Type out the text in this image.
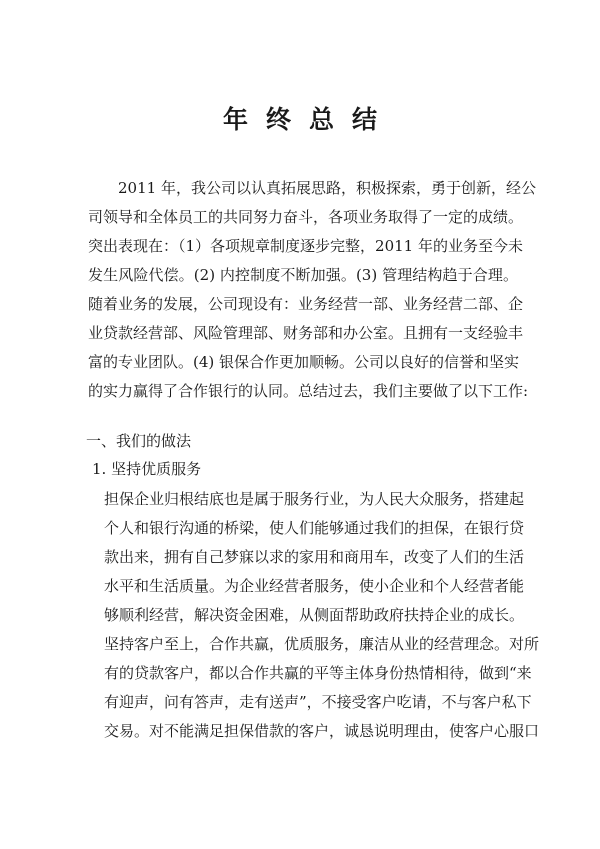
年终总结
2011 年，我公司以认真拓展思路，积极探索，勇于创新，经公
司领导和全体员工的共同努力奋斗，各项业务取得了一定的成绩。
突出表现在：（1）各项规章制度逐步完整，2011 年的业务至今未
发生风险代偿。(2) 内控制度不断加强。(3) 管理结构趋于合理。
随着业务的发展，公司现设有：业务经营一部、业务经营二部、企
业贷款经营部、风险管理部、财务部和办公室。且拥有一支经验丰
富的专业团队。(4) 银保合作更加顺畅。公司以良好的信誉和坚实
的实力赢得了合作银行的认同。总结过去，我们主要做了以下工作:
一、我们的做法
1. 坚持优质服务
担保企业归根结底也是属于服务行业，为人民大众服务，搭建起
个人和银行沟通的桥梁，使人们能够通过我们的担保，在银行贷
款出来，拥有自己梦寐以求的家用和商用车，改变了人们的生活
水平和生活质量。为企业经营者服务，使小企业和个人经营者能
够顺利经营，解决资金困难，从侧面帮助政府扶持企业的成长。
坚持客户至上，合作共赢，优质服务，廉洁从业的经营理念。对所
有的贷款客户，都以合作共赢的平等主体身份热情相待，做到“来
有迎声，问有答声，走有送声”，不接受客户吃请，不与客户私下
交易。对不能满足担保借款的客户，诚恳说明理由，使客户心服口
